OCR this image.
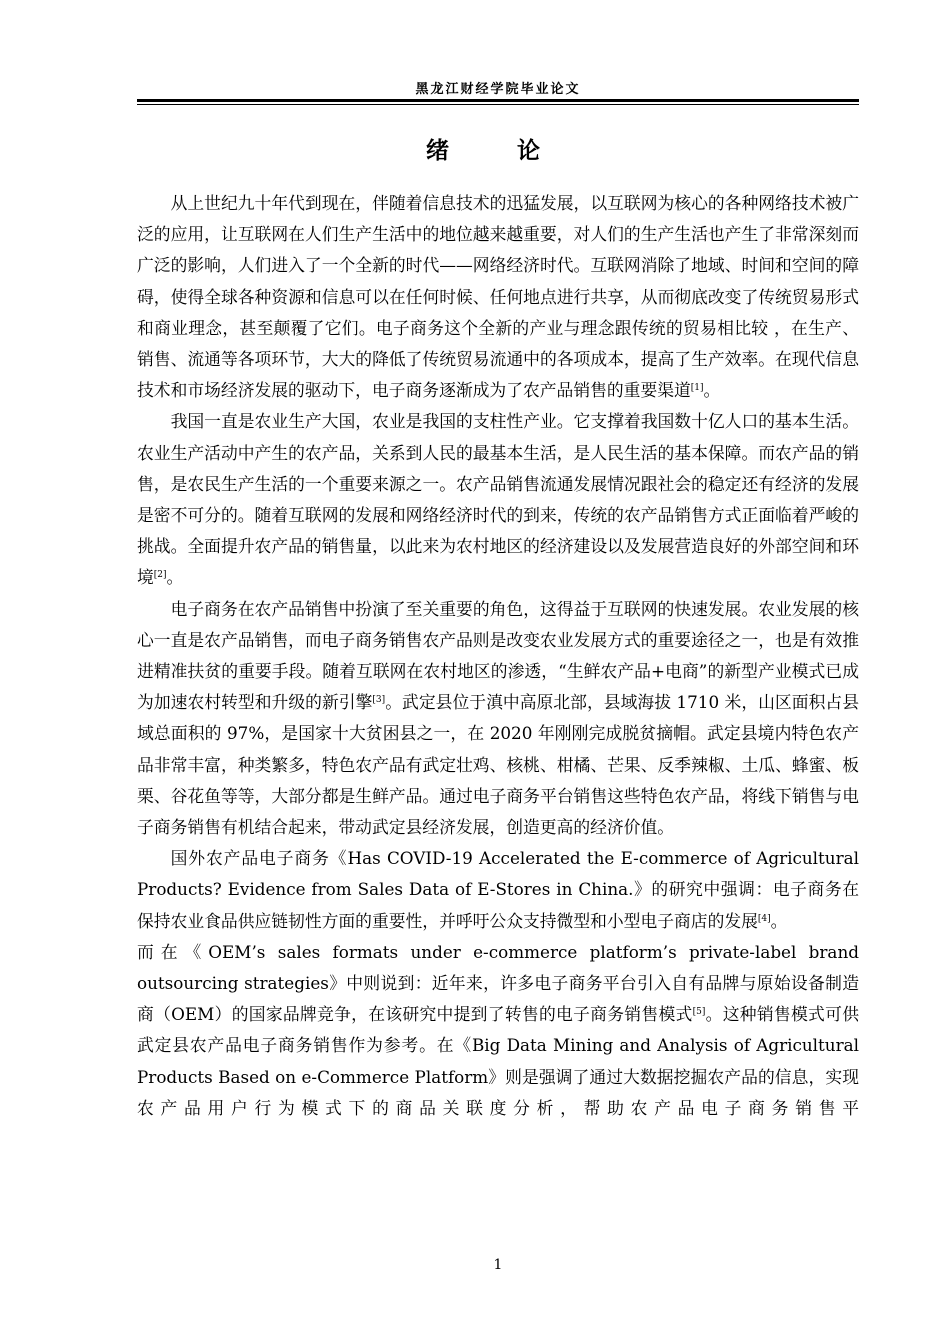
黑龙江财经学院毕业论文
绪 论

从上世纪九十年代到现在，伴随着信息技术的迅猛发展，以互联网为核心的各种网络技术被广泛的应用，让互联网在人们生产生活中的地位越来越重要，对人们的生产生活也产生了非常深刻而广泛的影响，人们进入了一个全新的时代——网络经济时代。互联网消除了地域、时间和空间的障碍，使得全球各种资源和信息可以在任何时候、任何地点进行共享，从而彻底改变了传统贸易形式和商业理念，甚至颠覆了它们。电子商务这个全新的产业与理念跟传统的贸易相比较 ，在生产、销售、流通等各项环节，大大的降低了传统贸易流通中的各项成本，提高了生产效率。在现代信息技术和市场经济发展的驱动下，电子商务逐渐成为了农产品销售的重要渠道[1]。

我国一直是农业生产大国，农业是我国的支柱性产业。它支撑着我国数十亿人口的基本生活。农业生产活动中产生的农产品，关系到人民的最基本生活，是人民生活的基本保障。而农产品的销售，是农民生产生活的一个重要来源之一。农产品销售流通发展情况跟社会的稳定还有经济的发展是密不可分的。随着互联网的发展和网络经济时代的到来，传统的农产品销售方式正面临着严峻的挑战。全面提升农产品的销售量，以此来为农村地区的经济建设以及发展营造良好的外部空间和环境[2]。

电子商务在农产品销售中扮演了至关重要的角色，这得益于互联网的快速发展。农业发展的核心一直是农产品销售，而电子商务销售农产品则是改变农业发展方式的重要途径之一，也是有效推进精准扶贫的重要手段。随着互联网在农村地区的渗透，“生鲜农产品+电商”的新型产业模式已成为加速农村转型和升级的新引擎[3]。武定县位于滇中高原北部，县域海拔 1710 米，山区面积占县域总面积的 97%，是国家十大贫困县之一，在 2020 年刚刚完成脱贫摘帽。武定县境内特色农产品非常丰富，种类繁多，特色农产品有武定壮鸡、核桃、柑橘、芒果、反季辣椒、土瓜、蜂蜜、板栗、谷花鱼等等，大部分都是生鲜产品。通过电子商务平台销售这些特色农产品，将线下销售与电子商务销售有机结合起来，带动武定县经济发展，创造更高的经济价值。

国外农产品电子商务《Has COVID-19 Accelerated the E-commerce of Agricultural Products? Evidence from Sales Data of E-Stores in China.》的研究中强调：电子商务在保持农业食品供应链韧性方面的重要性，并呼吁公众支持微型和小型电子商店的发展[4]。

而在《OEM’s sales formats under e-commerce platform’s private-label brand outsourcing strategies》中则说到：近年来，许多电子商务平台引入自有品牌与原始设备制造商（OEM）的国家品牌竞争，在该研究中提到了转售的电子商务销售模式[5]。这种销售模式可供武定县农产品电子商务销售作为参考。在《Big Data Mining and Analysis of Agricultural Products Based on e-Commerce Platform》则是强调了通过大数据挖掘农产品的信息，实现农产品用户行为模式下的商品关联度分析，帮助农产品电子商务销售平

1
